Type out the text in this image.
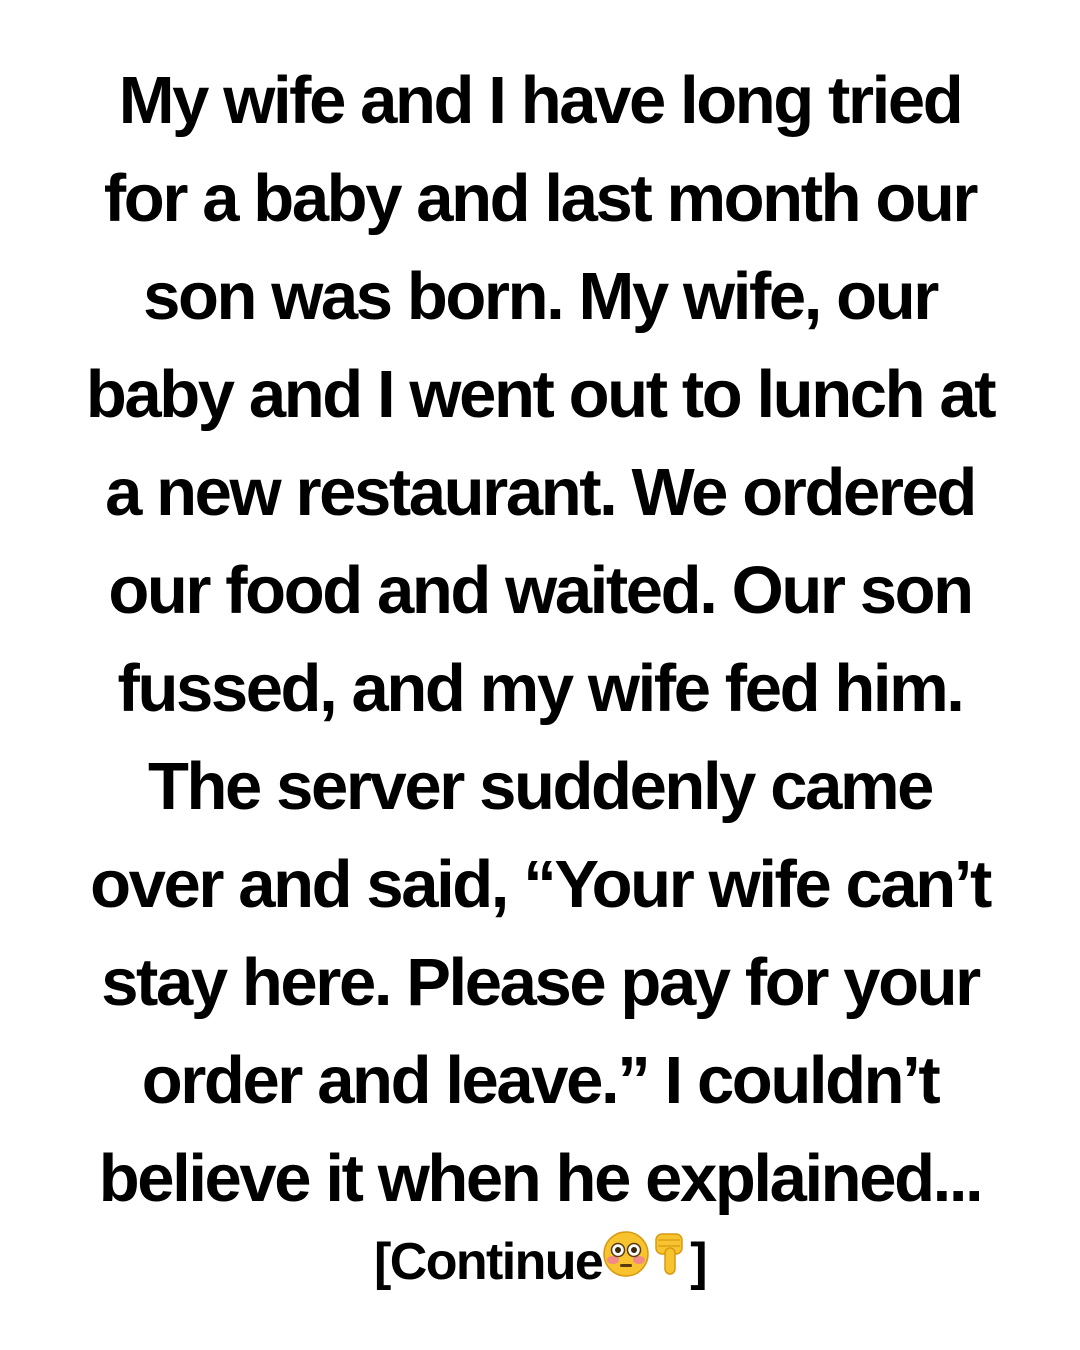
My wife and I have long tried
for a baby and last month our
son was born. My wife, our
baby and I went out to lunch at
a new restaurant. We ordered
our food and waited. Our son
fussed, and my wife fed him.
The server suddenly came
over and said, “Your wife can’t
stay here. Please pay for your
order and leave.” I couldn’t
believe it when he explained...
[Continue ]
